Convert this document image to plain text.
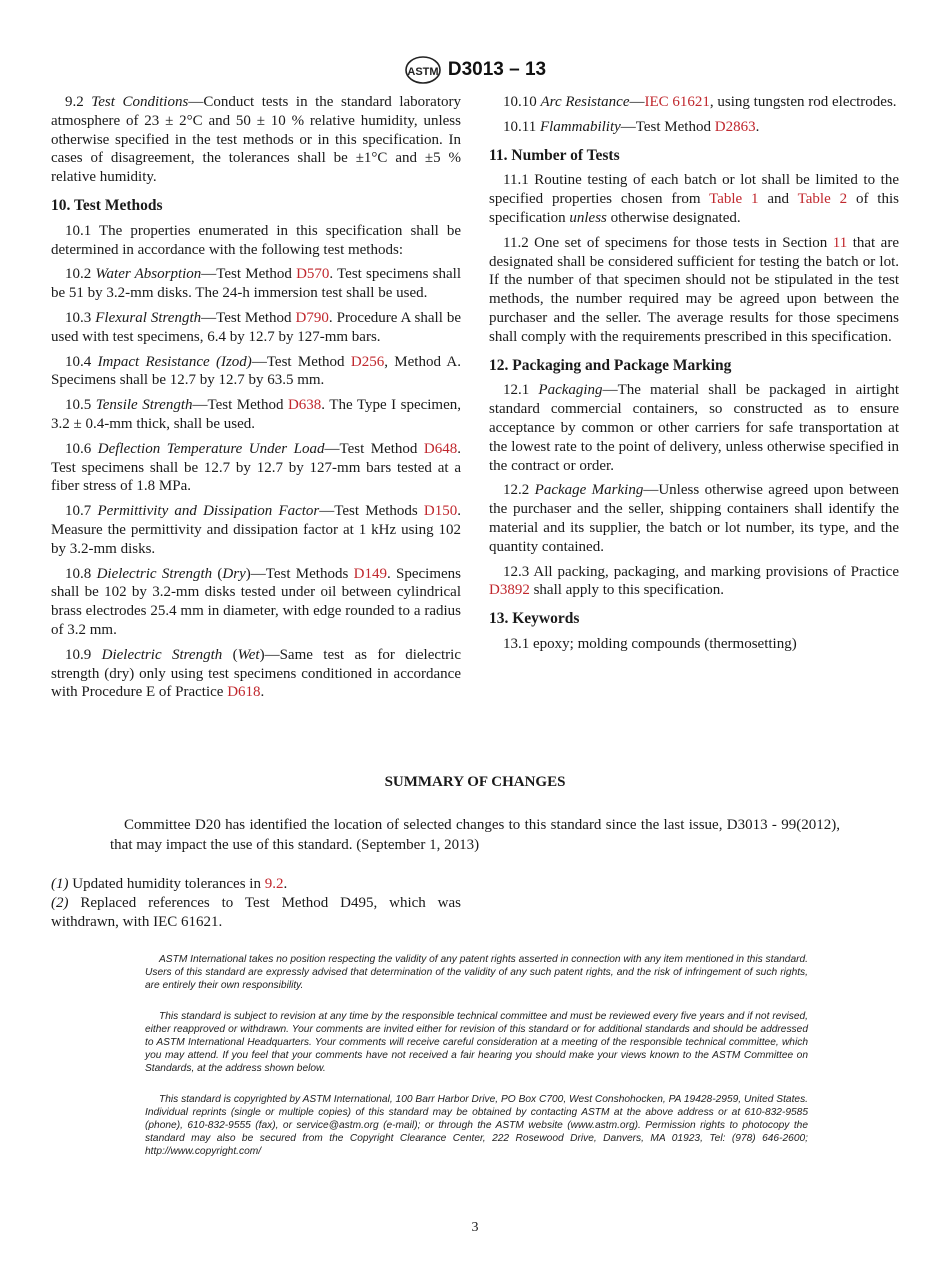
ASTM D3013 – 13

9.2 Test Conditions—Conduct tests in the standard laboratory atmosphere of 23 ± 2°C and 50 ± 10 % relative humidity, unless otherwise specified in the test methods or in this specification. In cases of disagreement, the tolerances shall be ±1°C and ±5 % relative humidity.

10. Test Methods

10.1 The properties enumerated in this specification shall be determined in accordance with the following test methods:

10.2 Water Absorption—Test Method D570. Test specimens shall be 51 by 3.2-mm disks. The 24-h immersion test shall be used.

10.3 Flexural Strength—Test Method D790. Procedure A shall be used with test specimens, 6.4 by 12.7 by 127-mm bars.

10.4 Impact Resistance (Izod)—Test Method D256, Method A. Specimens shall be 12.7 by 12.7 by 63.5 mm.

10.5 Tensile Strength—Test Method D638. The Type I specimen, 3.2 ± 0.4-mm thick, shall be used.

10.6 Deflection Temperature Under Load—Test Method D648. Test specimens shall be 12.7 by 12.7 by 127-mm bars tested at a fiber stress of 1.8 MPa.

10.7 Permittivity and Dissipation Factor—Test Methods D150. Measure the permittivity and dissipation factor at 1 kHz using 102 by 3.2-mm disks.

10.8 Dielectric Strength (Dry)—Test Methods D149. Specimens shall be 102 by 3.2-mm disks tested under oil between cylindrical brass electrodes 25.4 mm in diameter, with edge rounded to a radius of 3.2 mm.

10.9 Dielectric Strength (Wet)—Same test as for dielectric strength (dry) only using test specimens conditioned in accordance with Procedure E of Practice D618.

10.10 Arc Resistance—IEC 61621, using tungsten rod electrodes.

10.11 Flammability—Test Method D2863.

11. Number of Tests

11.1 Routine testing of each batch or lot shall be limited to the specified properties chosen from Table 1 and Table 2 of this specification unless otherwise designated.

11.2 One set of specimens for those tests in Section 11 that are designated shall be considered sufficient for testing the batch or lot. If the number of that specimen should not be stipulated in the test methods, the number required may be agreed upon between the purchaser and the seller. The average results for those specimens shall comply with the requirements prescribed in this specification.

12. Packaging and Package Marking

12.1 Packaging—The material shall be packaged in airtight standard commercial containers, so constructed as to ensure acceptance by common or other carriers for safe transportation at the lowest rate to the point of delivery, unless otherwise specified in the contract or order.

12.2 Package Marking—Unless otherwise agreed upon between the purchaser and the seller, shipping containers shall identify the material and its supplier, the batch or lot number, its type, and the quantity contained.

12.3 All packing, packaging, and marking provisions of Practice D3892 shall apply to this specification.

13. Keywords

13.1 epoxy; molding compounds (thermosetting)

SUMMARY OF CHANGES

Committee D20 has identified the location of selected changes to this standard since the last issue, D3013 - 99(2012), that may impact the use of this standard. (September 1, 2013)

(1) Updated humidity tolerances in 9.2.

(2) Replaced references to Test Method D495, which was withdrawn, with IEC 61621.

ASTM International takes no position respecting the validity of any patent rights asserted in connection with any item mentioned in this standard. Users of this standard are expressly advised that determination of the validity of any such patent rights, and the risk of infringement of such rights, are entirely their own responsibility.

This standard is subject to revision at any time by the responsible technical committee and must be reviewed every five years and if not revised, either reapproved or withdrawn. Your comments are invited either for revision of this standard or for additional standards and should be addressed to ASTM International Headquarters. Your comments will receive careful consideration at a meeting of the responsible technical committee, which you may attend. If you feel that your comments have not received a fair hearing you should make your views known to the ASTM Committee on Standards, at the address shown below.

This standard is copyrighted by ASTM International, 100 Barr Harbor Drive, PO Box C700, West Conshohocken, PA 19428-2959, United States. Individual reprints (single or multiple copies) of this standard may be obtained by contacting ASTM at the above address or at 610-832-9585 (phone), 610-832-9555 (fax), or service@astm.org (e-mail); or through the ASTM website (www.astm.org). Permission rights to photocopy the standard may also be secured from the Copyright Clearance Center, 222 Rosewood Drive, Danvers, MA 01923, Tel: (978) 646-2600; http://www.copyright.com/

3
